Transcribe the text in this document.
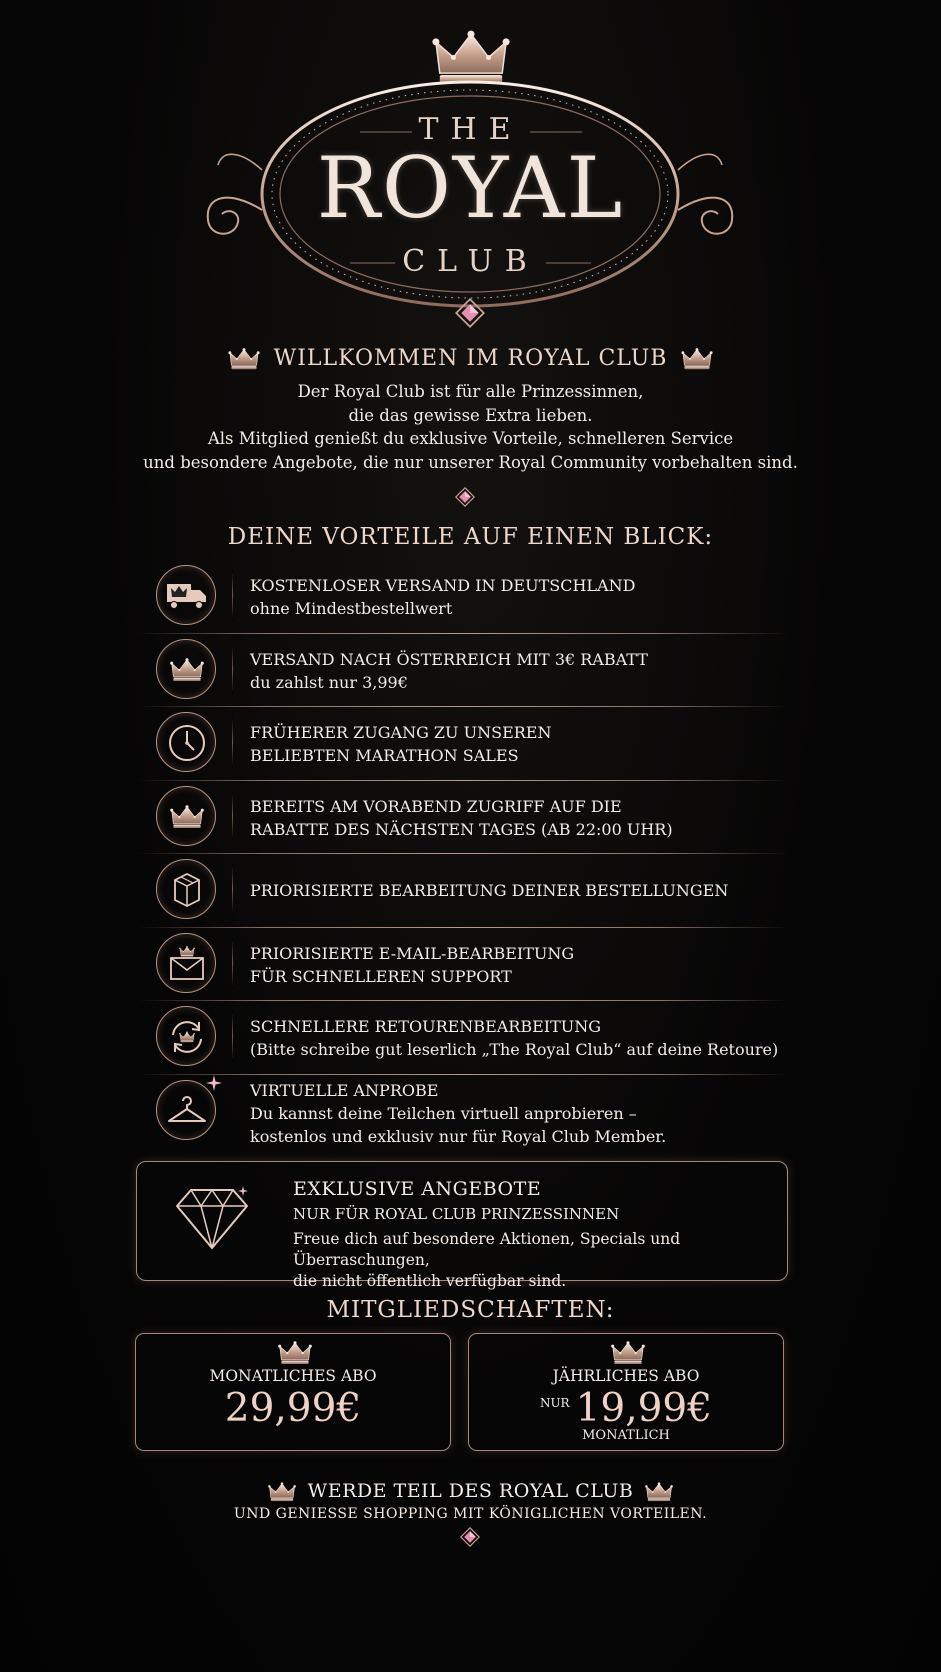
THE
ROYAL
CLUB
WILLKOMMEN IM ROYAL CLUB
Der Royal Club ist für alle Prinzessinnen,
die das gewisse Extra lieben.
Als Mitglied genießt du exklusive Vorteile, schnelleren Service
und besondere Angebote, die nur unserer Royal Community vorbehalten sind.
DEINE VORTEILE AUF EINEN BLICK:
KOSTENLOSER VERSAND IN DEUTSCHLAND
ohne Mindestbestellwert
VERSAND NACH ÖSTERREICH MIT 3€ RABATT
du zahlst nur 3,99€
FRÜHERER ZUGANG ZU UNSEREN
BELIEBTEN MARATHON SALES
BEREITS AM VORABEND ZUGRIFF AUF DIE
RABATTE DES NÄCHSTEN TAGES (AB 22:00 UHR)
PRIORISIERTE BEARBEITUNG DEINER BESTELLUNGEN
PRIORISIERTE E-MAIL-BEARBEITUNG
FÜR SCHNELLEREN SUPPORT
SCHNELLERE RETOURENBEARBEITUNG
(Bitte schreibe gut leserlich „The Royal Club“ auf deine Retoure)
VIRTUELLE ANPROBE
Du kannst deine Teilchen virtuell anprobieren –
kostenlos und exklusiv nur für Royal Club Member.
EXKLUSIVE ANGEBOTE
NUR FÜR ROYAL CLUB PRINZESSINNEN
Freue dich auf besondere Aktionen, Specials und Überraschungen,
die nicht öffentlich verfügbar sind.
MITGLIEDSCHAFTEN:
MONATLICHES ABO
29,99€
JÄHRLICHES ABO
$^{NUR}$ 19,99€
MONATLICH
WERDE TEIL DES ROYAL CLUB
UND GENIESSE SHOPPING MIT KÖNIGLICHEN VORTEILEN.
